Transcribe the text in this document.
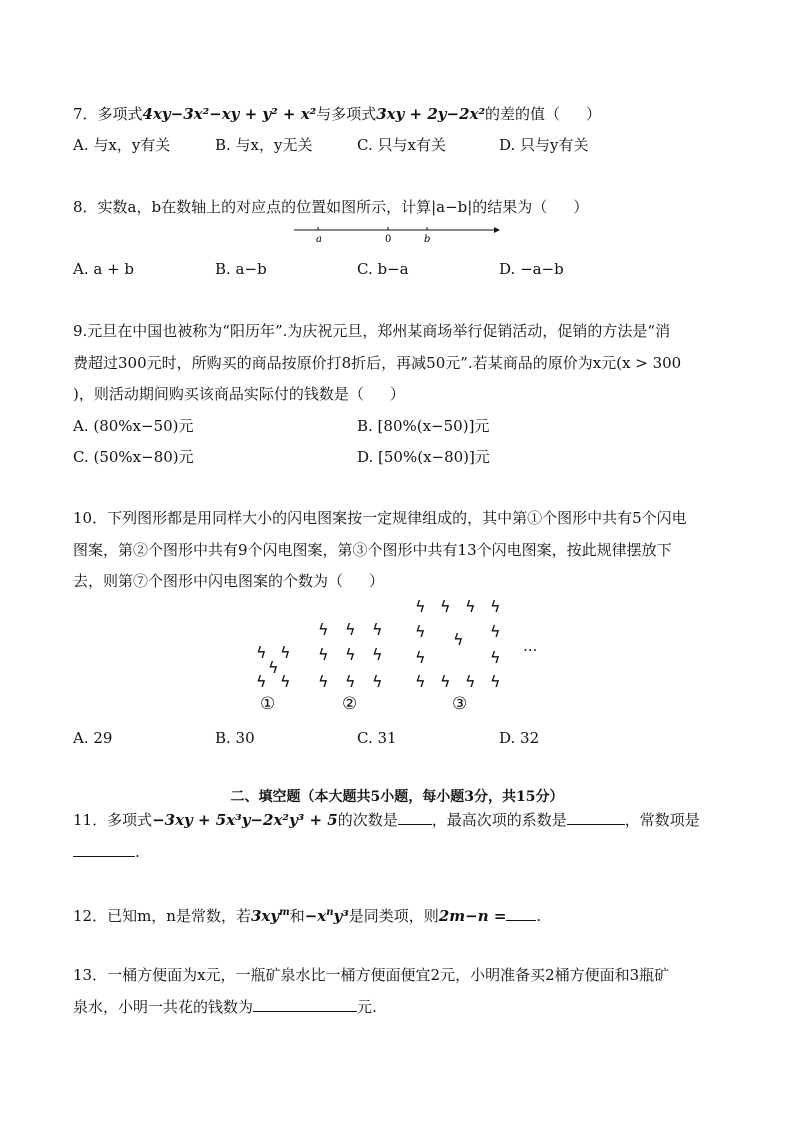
7．多项式4xy−3x²−xy + y² + x²与多项式3xy + 2y−2x²的差的值（ ）
A. 与x，y有关	B. 与x，y无关	C. 只与x有关	D. 只与y有关
8．实数a，b在数轴上的对应点的位置如图所示，计算|a−b|的结果为（ ）
a	0	b
A. a + b	B. a−b	C. b−a	D. −a−b
9.元旦在中国也被称为“阳历年”.为庆祝元旦，郑州某商场举行促销活动，促销的方法是“消
费超过300元时，所购买的商品按原价打8折后，再减50元”.若某商品的原价为x元(x > 300
)，则活动期间购买该商品实际付的钱数是（ ）
A. (80%x−50)元	B. [80%(x−50)]元
C. (50%x−80)元	D. [50%(x−80)]元
10．下列图形都是用同样大小的闪电图案按一定规律组成的，其中第①个图形中共有5个闪电
图案，第②个图形中共有9个闪电图案，第③个图形中共有13个闪电图案，按此规律摆放下
去，则第⑦个图形中闪电图案的个数为（ ）
ϟ ϟ
ϟ
ϟ ϟ
ϟ ϟ ϟ
ϟ ϟ ϟ
ϟ ϟ ϟ
ϟ ϟ ϟ ϟ
ϟ	ϟ
ϟ
ϟ	ϟ
ϟ ϟ ϟ ϟ
①	②	③
···
A. 29	B. 30	C. 31	D. 32
二、填空题（本大题共5小题，每小题3分，共15分）
11．多项式−3xy + 5x³y−2x²y³ + 5的次数是 ，最高次项的系数是	，常数项是
.
12．已知m，n是常数，若$3xy^m$和$-x^ny^3$是同类项，则2m−n = .
13．一桶方便面为x元，一瓶矿泉水比一桶方便面便宜2元，小明准备买2桶方便面和3瓶矿
泉水，小明一共花的钱数为	元.
